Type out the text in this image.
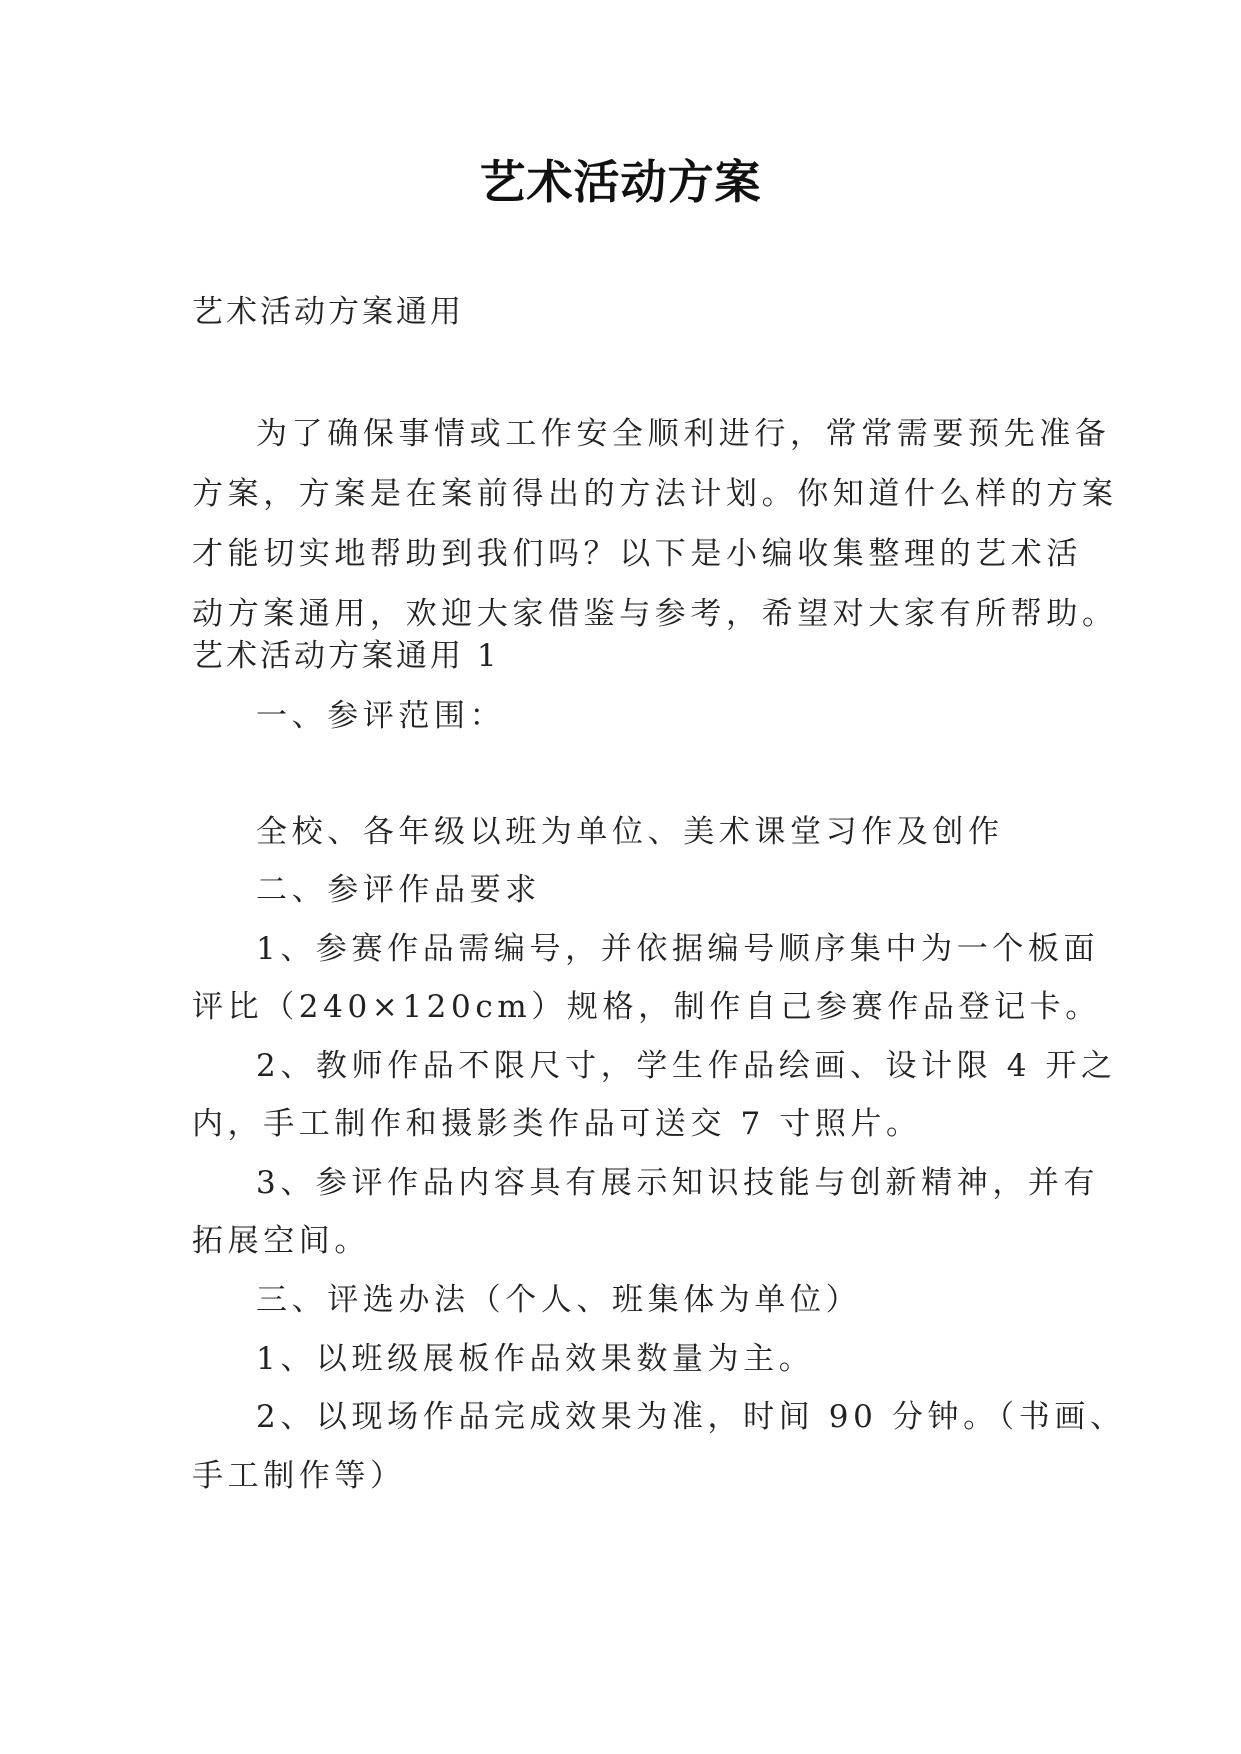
艺术活动方案
艺术活动方案通用
为了确保事情或工作安全顺利进行，常常需要预先准备
方案，方案是在案前得出的方法计划。你知道什么样的方案
才能切实地帮助到我们吗？以下是小编收集整理的艺术活
动方案通用，欢迎大家借鉴与参考，希望对大家有所帮助。
艺术活动方案通用 1
一、参评范围：
全校、各年级以班为单位、美术课堂习作及创作
二、参评作品要求
1、参赛作品需编号，并依据编号顺序集中为一个板面
评比（240×120cm）规格，制作自己参赛作品登记卡。
2、教师作品不限尺寸，学生作品绘画、设计限 4 开之
内，手工制作和摄影类作品可送交 7 寸照片。
3、参评作品内容具有展示知识技能与创新精神，并有
拓展空间。
三、评选办法（个人、班集体为单位）
1、以班级展板作品效果数量为主。
2、以现场作品完成效果为准，时间 90 分钟。（书画、
手工制作等）
